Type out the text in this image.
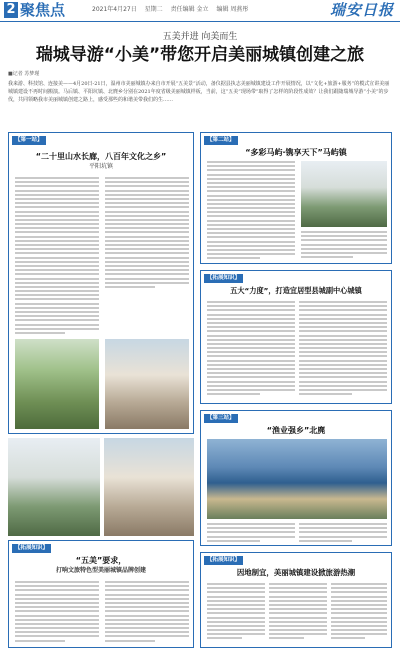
2 聚焦点	2021年4月27日 星期二 责任编辑 金立 编辑 周燕彤	瑞安日报
五美并进 向美而生
瑞城导游“小美”带您开启美丽城镇创建之旅
■记者 苏梦瑾
我来游、科技馆、连接美——4月20日-21日，温州市美丽城镇办来自市开展“五美景”活动，备仪据县执志美丽城镇建设工作开展情况，以“文化+旅游+服务”的模式宣讲美丽城镇建设不再时间搬演。马后镇、平阳坑镇、北麂乡分别在2021年度省级美丽城镇样板，当前，这“五美”现场带“取得了怎样的阶段性成效？让我们跟随瑞城导游“小美”的步伐，共同领略我市美丽城镇创建之路上，感受那些的和谐美带我们的生……
【第一站】
“二十里山水长廊，八百年文化之乡”
平阳坑镇
【拓展知识】
“五美”要求，
打响文旅特色型美丽城镇品牌创建
【第二站】
“多彩马屿·镌享天下”马屿镇
【拓展知识】
五大“力度”，打造宜居型县城副中心城镇
【第三站】
“渔业强乡”北麂
【拓展知识】
因地制宜，美丽城镇建设掀旅游热潮
